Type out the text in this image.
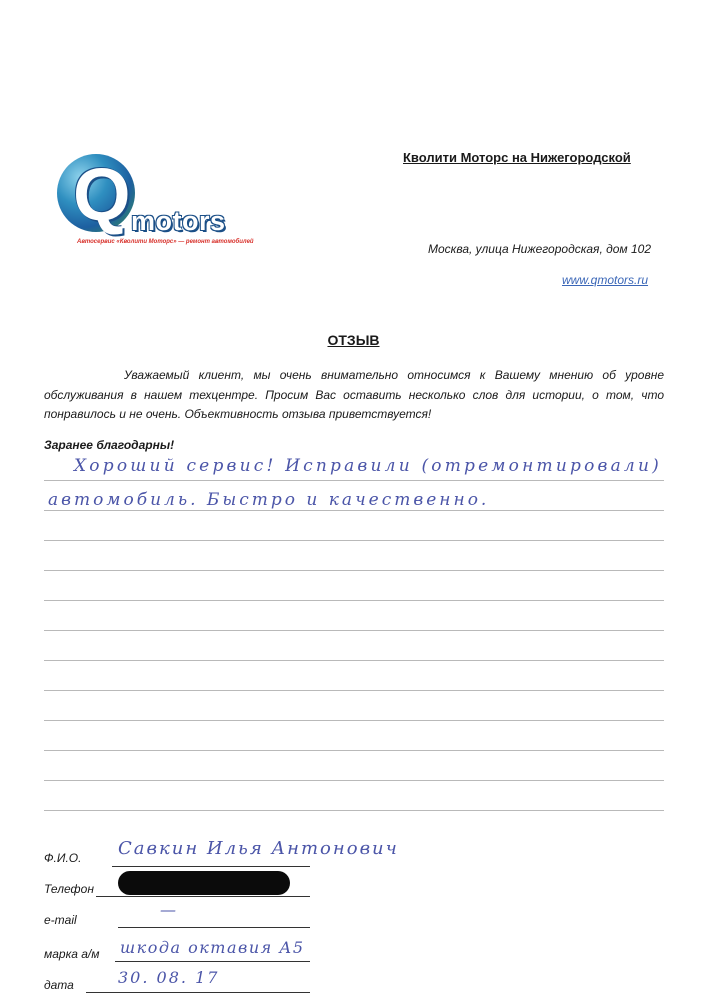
Q motors
Автосервис «Кволити Моторс» — ремонт автомобилей
Кволити Моторс на Нижегородской
Москва, улица Нижегородская, дом 102
www.qmotors.ru
ОТЗЫВ
Уважаемый клиент, мы очень внимательно относимся к Вашему мнению об уровне обслуживания в нашем техцентре. Просим Вас оставить несколько слов для истории, о том, что понравилось и не очень. Объективность отзыва приветствуется!
Заранее благодарны!
Хороший сервис! Исправили (отремонтировали)
автомобиль. Быстро и качественно.
Ф.И.О. Савкин Илья Антонович
Телефон
e-mail
—
марка а/м шкода октавия А5
дата	30. 08. 17
